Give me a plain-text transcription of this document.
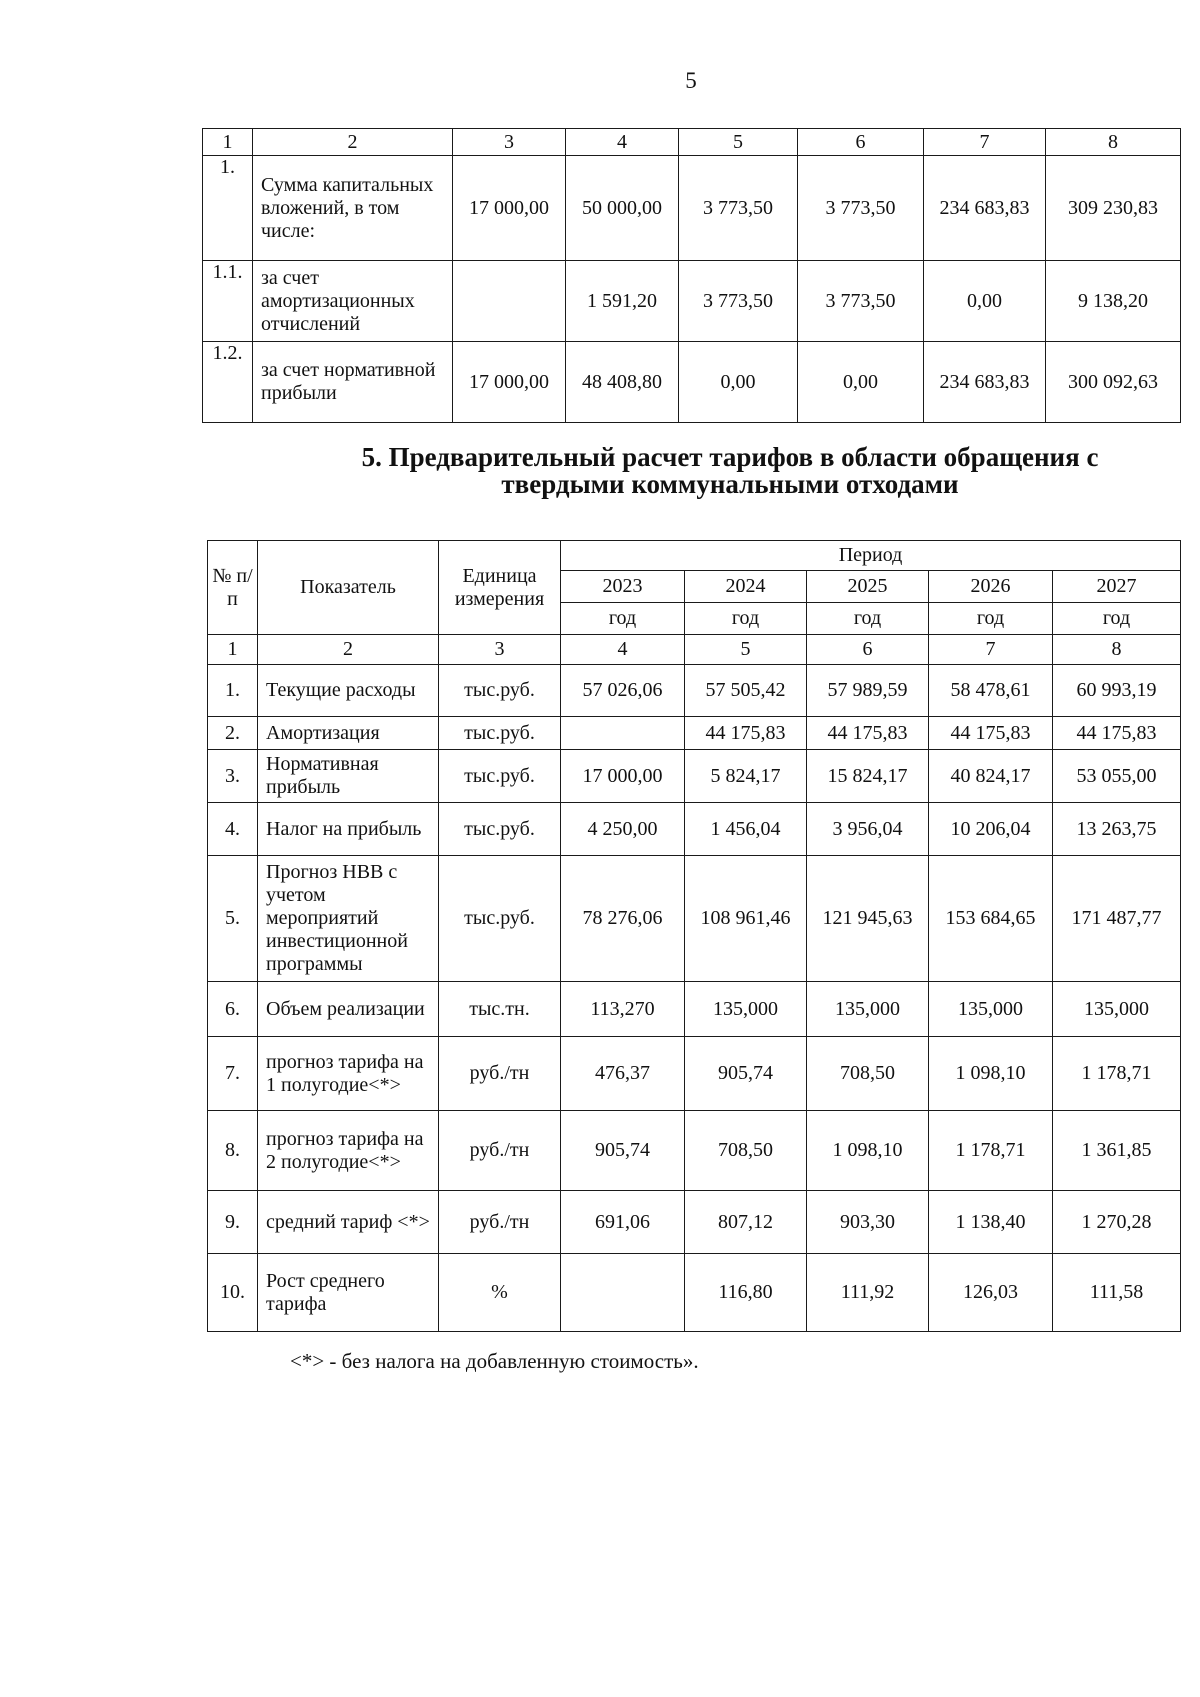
5
1	2	3	4	5	6	7	8
1.	Сумма капитальных вложений, в том числе:	17 000,00	50 000,00	3 773,50	3 773,50	234 683,83	309 230,83
1.1.	за счет амортизационных отчислений		1 591,20	3 773,50	3 773,50	0,00	9 138,20
1.2.	за счет нормативной прибыли	17 000,00	48 408,80	0,00	0,00	234 683,83	300 092,63
5. Предварительный расчет тарифов в области обращения с
твердыми коммунальными отходами
№ п/п	Показатель	Единица измерения	Период				
			2023	2024	2025	2026	2027
			год	год	год	год	год
1	2	3	4	5	6	7	8
1.	Текущие расходы	тыс.руб.	57 026,06	57 505,42	57 989,59	58 478,61	60 993,19
2.	Амортизация	тыс.руб.		44 175,83	44 175,83	44 175,83	44 175,83
3.	Нормативная прибыль	тыс.руб.	17 000,00	5 824,17	15 824,17	40 824,17	53 055,00
4.	Налог на прибыль	тыс.руб.	4 250,00	1 456,04	3 956,04	10 206,04	13 263,75
5.	Прогноз НВВ с учетом мероприятий инвестиционной программы	тыс.руб.	78 276,06	108 961,46	121 945,63	153 684,65	171 487,77
6.	Объем реализации	тыс.тн.	113,270	135,000	135,000	135,000	135,000
7.	прогноз тарифа на 1 полугодие<*>	руб./тн	476,37	905,74	708,50	1 098,10	1 178,71
8.	прогноз тарифа на 2 полугодие<*>	руб./тн	905,74	708,50	1 098,10	1 178,71	1 361,85
9.	средний тариф <*>	руб./тн	691,06	807,12	903,30	1 138,40	1 270,28
10.	Рост среднего тарифа	%		116,80	111,92	126,03	111,58
<*> - без налога на добавленную стоимость».
